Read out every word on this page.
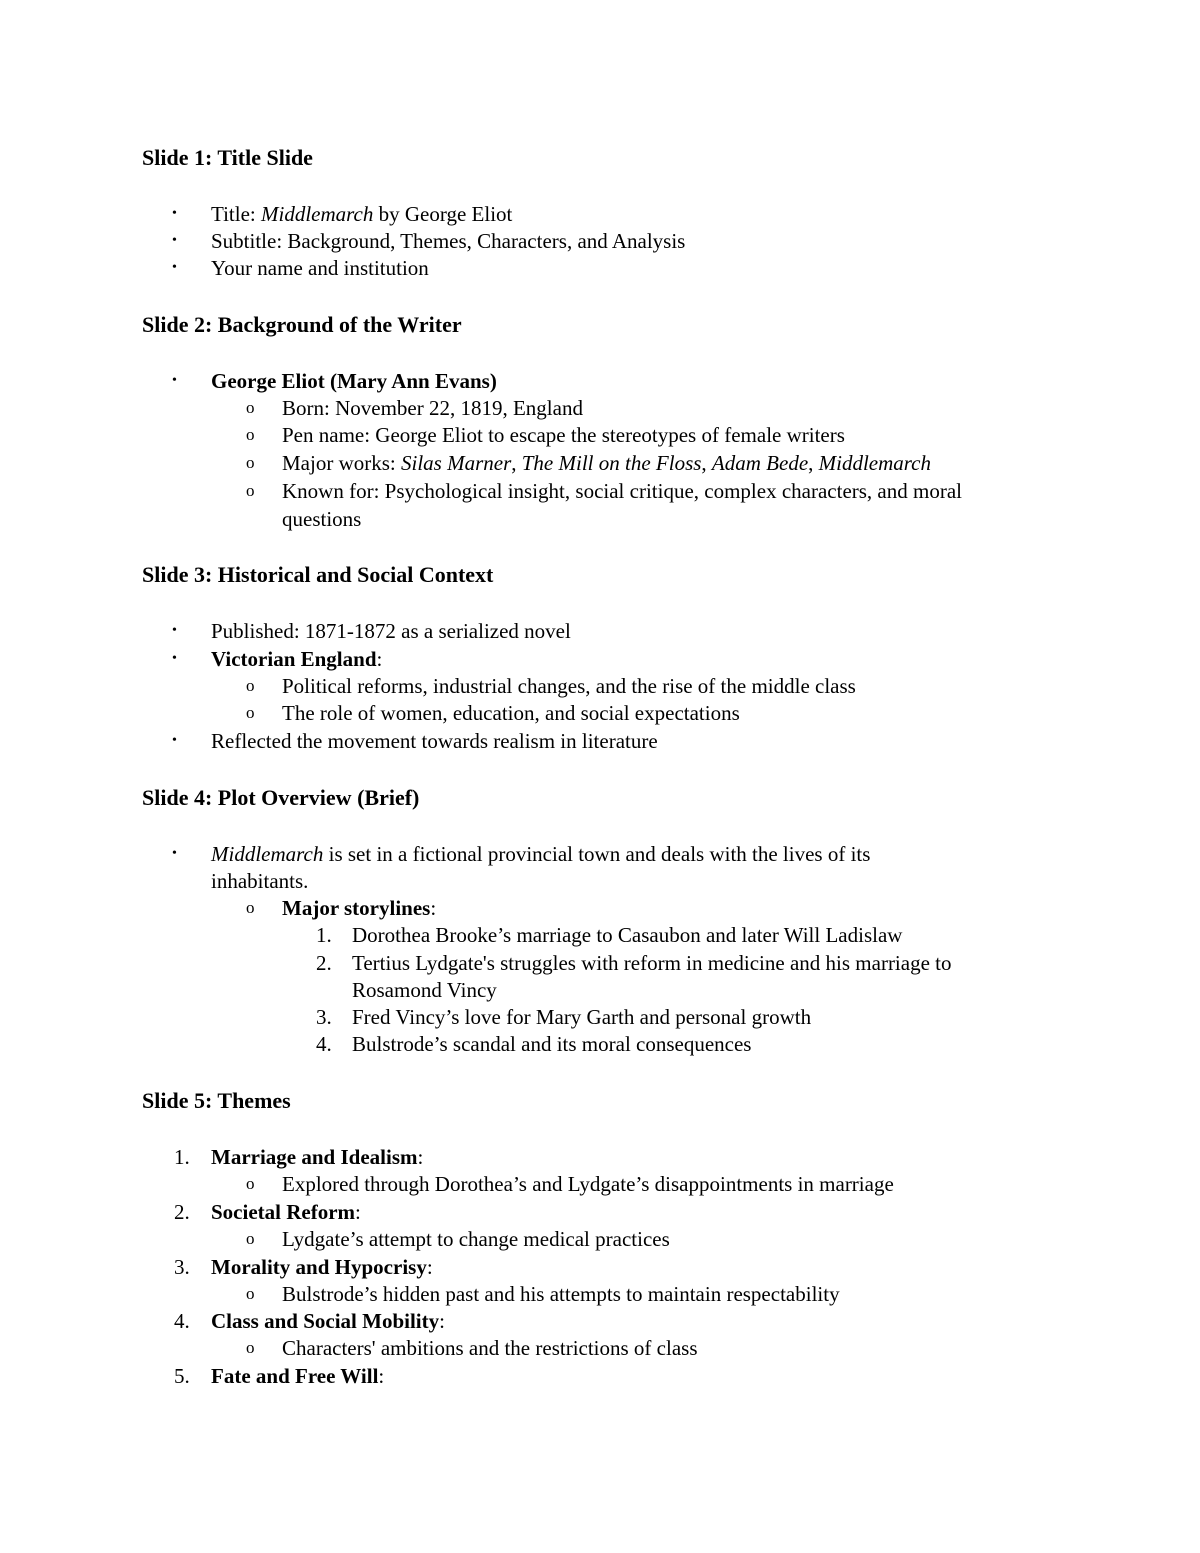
Slide 1: Title Slide
• Title: Middlemarch by George Eliot
• Subtitle: Background, Themes, Characters, and Analysis
• Your name and institution
Slide 2: Background of the Writer
• George Eliot (Mary Ann Evans)
o Born: November 22, 1819, England
o Pen name: George Eliot to escape the stereotypes of female writers
o Major works: Silas Marner, The Mill on the Floss, Adam Bede, Middlemarch
o Known for: Psychological insight, social critique, complex characters, and moral
questions
Slide 3: Historical and Social Context
• Published: 1871-1872 as a serialized novel
• Victorian England:
o Political reforms, industrial changes, and the rise of the middle class
o The role of women, education, and social expectations
• Reflected the movement towards realism in literature
Slide 4: Plot Overview (Brief)
• Middlemarch is set in a fictional provincial town and deals with the lives of its
inhabitants.
o Major storylines:
1. Dorothea Brooke’s marriage to Casaubon and later Will Ladislaw
2. Tertius Lydgate's struggles with reform in medicine and his marriage to
Rosamond Vincy
3. Fred Vincy’s love for Mary Garth and personal growth
4. Bulstrode’s scandal and its moral consequences
Slide 5: Themes
1. Marriage and Idealism:
o Explored through Dorothea’s and Lydgate’s disappointments in marriage
2. Societal Reform:
o Lydgate’s attempt to change medical practices
3. Morality and Hypocrisy:
o Bulstrode’s hidden past and his attempts to maintain respectability
4. Class and Social Mobility:
o Characters' ambitions and the restrictions of class
5. Fate and Free Will:
